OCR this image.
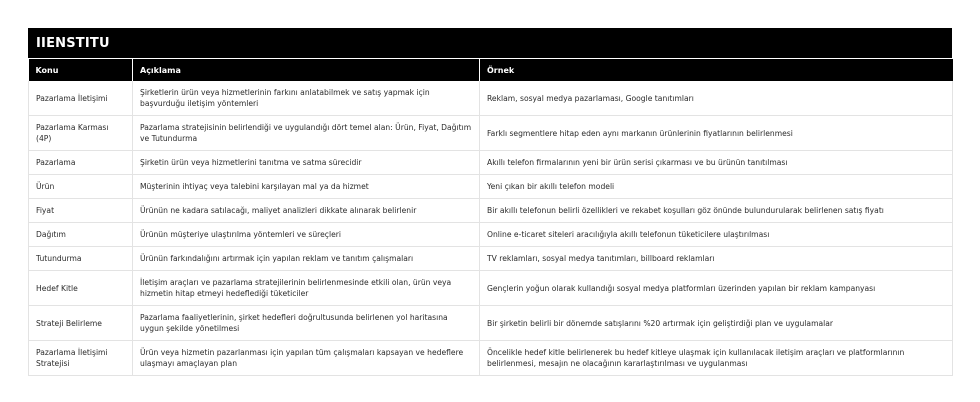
IIENSTITU
Konu	Açıklama	Örnek
Pazarlama İletişimi	Şirketlerin ürün veya hizmetlerinin farkını anlatabilmek ve satış yapmak için başvurduğu iletişim yöntemleri	Reklam, sosyal medya pazarlaması, Google tanıtımları
Pazarlama Karması (4P)	Pazarlama stratejisinin belirlendiği ve uygulandığı dört temel alan: Ürün, Fiyat, Dağıtım ve Tutundurma	Farklı segmentlere hitap eden aynı markanın ürünlerinin fiyatlarının belirlenmesi
Pazarlama	Şirketin ürün veya hizmetlerini tanıtma ve satma sürecidir	Akıllı telefon firmalarının yeni bir ürün serisi çıkarması ve bu ürünün tanıtılması
Ürün	Müşterinin ihtiyaç veya talebini karşılayan mal ya da hizmet	Yeni çıkan bir akıllı telefon modeli
Fiyat	Ürünün ne kadara satılacağı, maliyet analizleri dikkate alınarak belirlenir	Bir akıllı telefonun belirli özellikleri ve rekabet koşulları göz önünde bulundurularak belirlenen satış fiyatı
Dağıtım	Ürünün müşteriye ulaştırılma yöntemleri ve süreçleri	Online e-ticaret siteleri aracılığıyla akıllı telefonun tüketicilere ulaştırılması
Tutundurma	Ürünün farkındalığını artırmak için yapılan reklam ve tanıtım çalışmaları	TV reklamları, sosyal medya tanıtımları, billboard reklamları
Hedef Kitle	İletişim araçları ve pazarlama stratejilerinin belirlenmesinde etkili olan, ürün veya hizmetin hitap etmeyi hedeflediği tüketiciler	Gençlerin yoğun olarak kullandığı sosyal medya platformları üzerinden yapılan bir reklam kampanyası
Strateji Belirleme	Pazarlama faaliyetlerinin, şirket hedefleri doğrultusunda belirlenen yol haritasına uygun şekilde yönetilmesi	Bir şirketin belirli bir dönemde satışlarını %20 artırmak için geliştirdiği plan ve uygulamalar
Pazarlama İletişimi Stratejisi	Ürün veya hizmetin pazarlanması için yapılan tüm çalışmaları kapsayan ve hedeflere ulaşmayı amaçlayan plan	Öncelikle hedef kitle belirlenerek bu hedef kitleye ulaşmak için kullanılacak iletişim araçları ve platformlarının belirlenmesi, mesajın ne olacağının kararlaştırılması ve uygulanması
